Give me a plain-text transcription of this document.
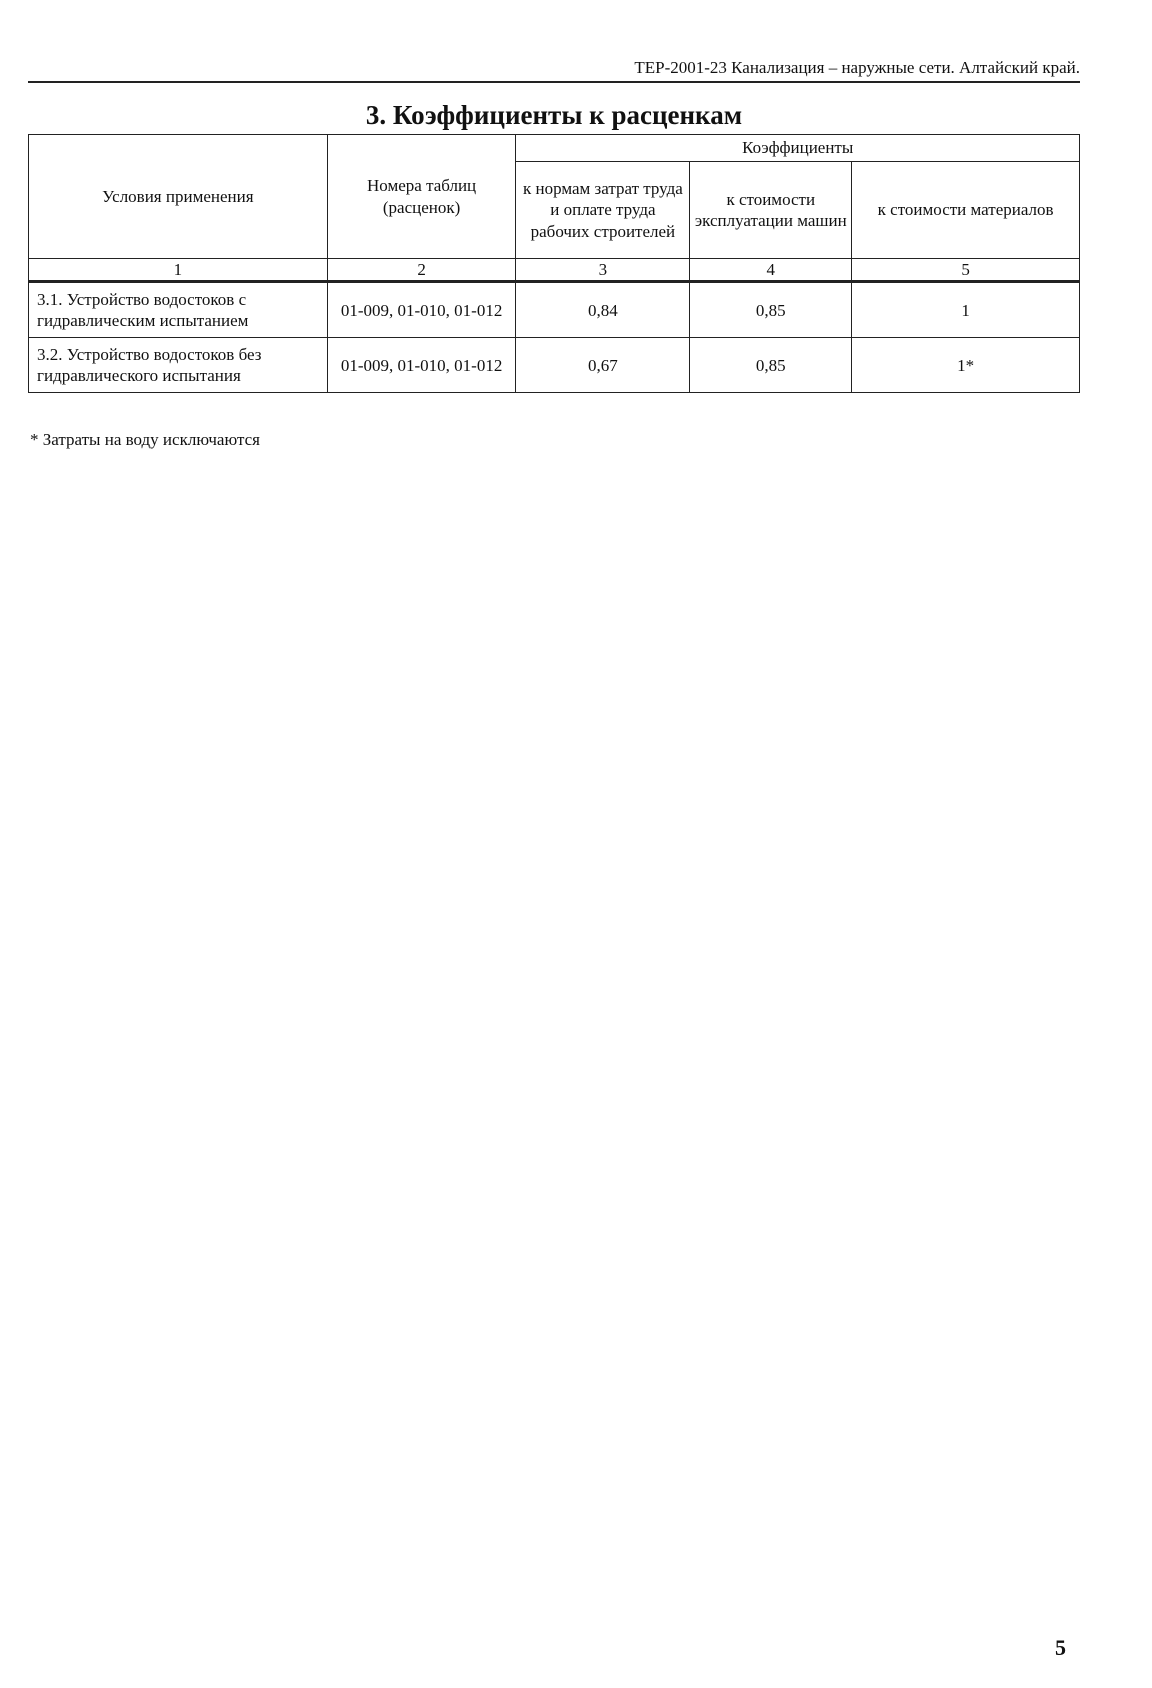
ТЕР-2001-23 Канализация – наружные сети. Алтайский край.
3. Коэффициенты к расценкам
Условия применения	Номера таблиц (расценок)	Коэффициенты		
		к нормам затрат труда и оплате труда рабочих строителей	к стоимости эксплуатации машин	к стоимости материалов
1	2	3	4	5
3.1. Устройство водостоков с гидравлическим испытанием	01-009, 01-010, 01-012	0,84	0,85	1
3.2. Устройство водостоков без гидравлического испытания	01-009, 01-010, 01-012	0,67	0,85	1*
* Затраты на воду исключаются
5
